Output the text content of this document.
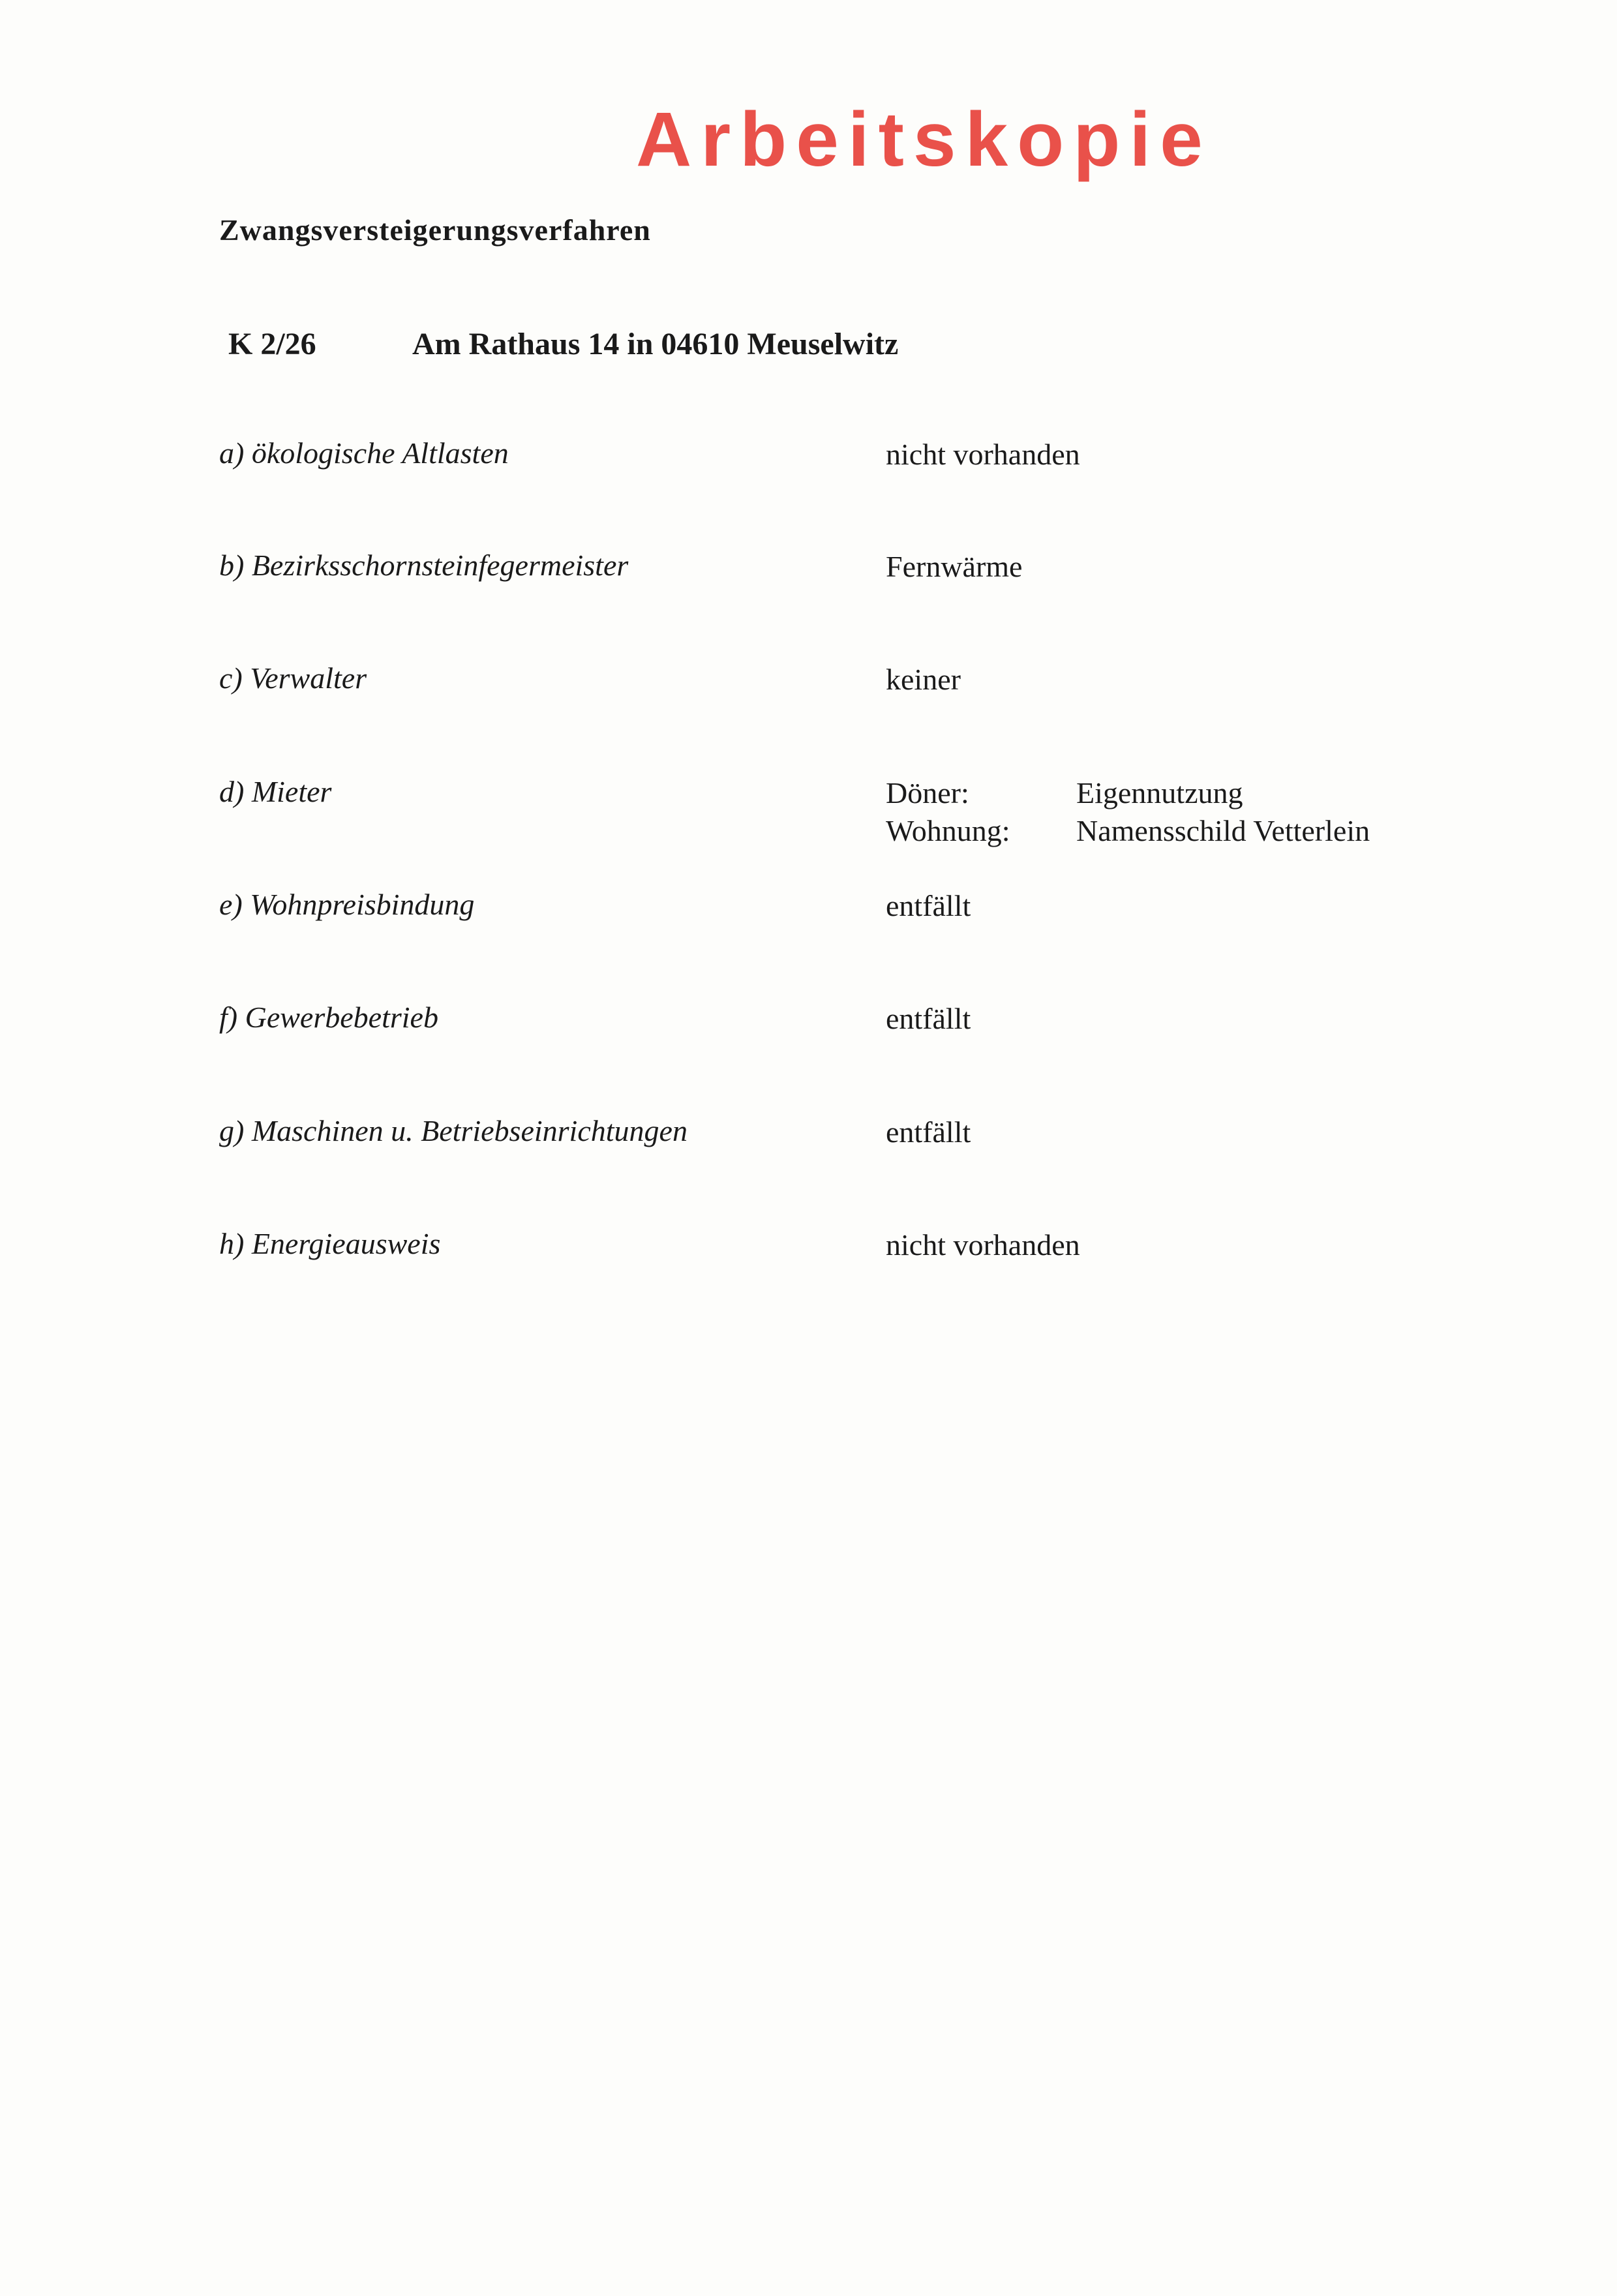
Arbeitskopie
Zwangsversteigerungsverfahren
K 2/26	Am Rathaus 14 in 04610 Meuselwitz
a) ökologische Altlasten	nicht vorhanden
b) Bezirksschornsteinfegermeister	Fernwärme
c) Verwalter	keiner
d) Mieter	Döner:	Eigennutzung
Wohnung: Namensschild Vetterlein
e) Wohnpreisbindung	entfällt
f) Gewerbebetrieb	entfällt
g) Maschinen u. Betriebseinrichtungen	entfällt
h) Energieausweis	nicht vorhanden
